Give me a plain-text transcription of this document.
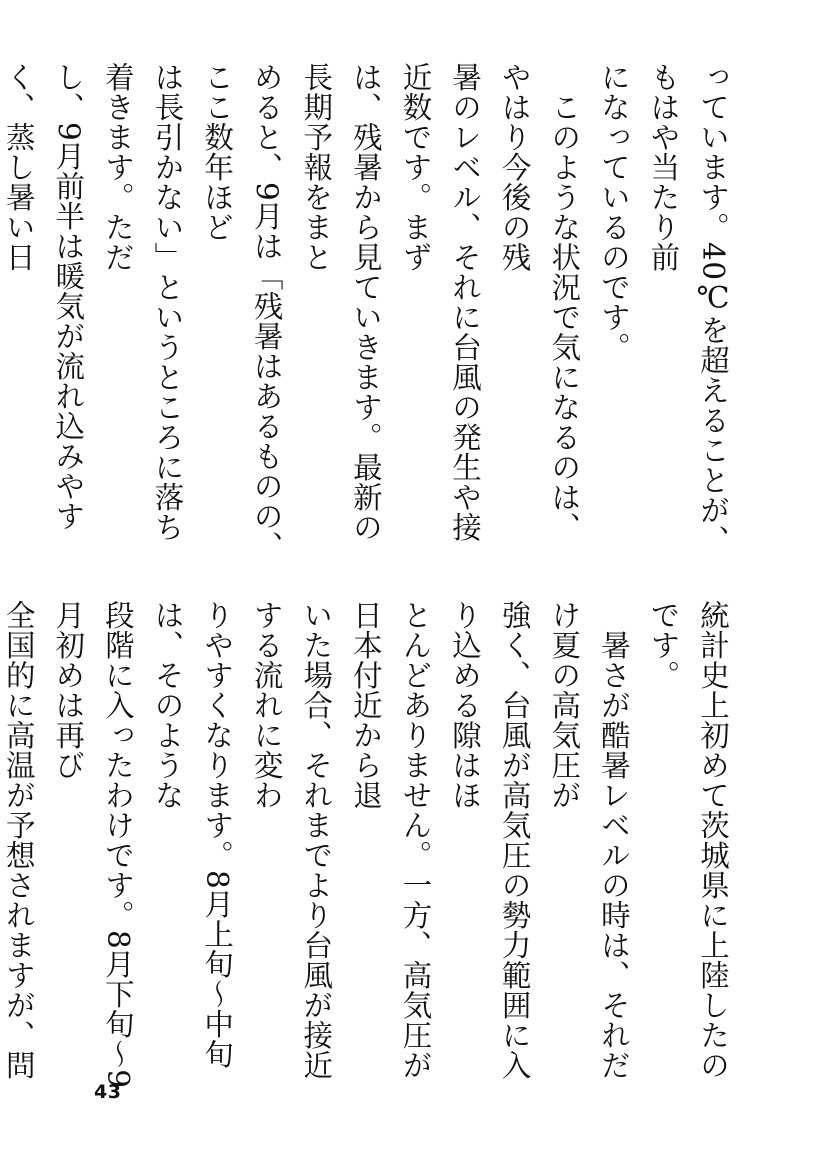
っています。40℃を超えることが、もはや当たり前
になっているのです。

　このような状況で気になるのは、やはり今後の残
暑のレベル、それに台風の発生や接近数です。まず
は、残暑から見ていきます。最新の長期予報をまと
めると、9月は「残暑はあるものの、ここ数年ほど
は長引かない」というところに落ち着きます。ただ
し、9月前半は暖気が流れ込みやすく、蒸し暑い日

統計史上初めて茨城県に上陸したのです。

　暑さが酷暑レベルの時は、それだけ夏の高気圧が
強く、台風が高気圧の勢力範囲に入り込める隙はほ
とんどありません。一方、高気圧が日本付近から退
いた場合、それまでより台風が接近する流れに変わ
りやすくなります。8月上旬～中旬は、そのような
段階に入ったわけです。8月下旬～9月初めは再び
全国的に高温が予想されますが、問

43
